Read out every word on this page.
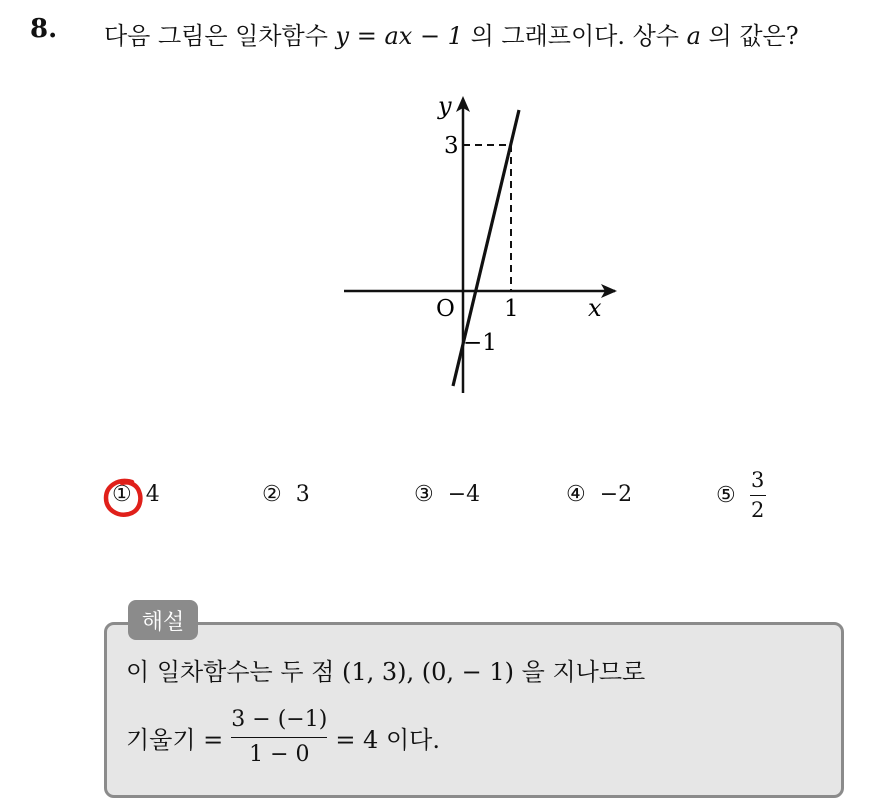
8. 다음 그림은 일차함수 y = ax − 1 의 그래프이다. 상수 a 의 값은?
y
x
O
3
1
−1
① 4	② 3	③ −4	④ −2	⑤ $\frac{3}{2}$
해설
이 일차함수는 두 점 (1, 3), (0, − 1) 을 지나므로
기울기 =
3 − (−1)
1 − 0
= 4 이다.
